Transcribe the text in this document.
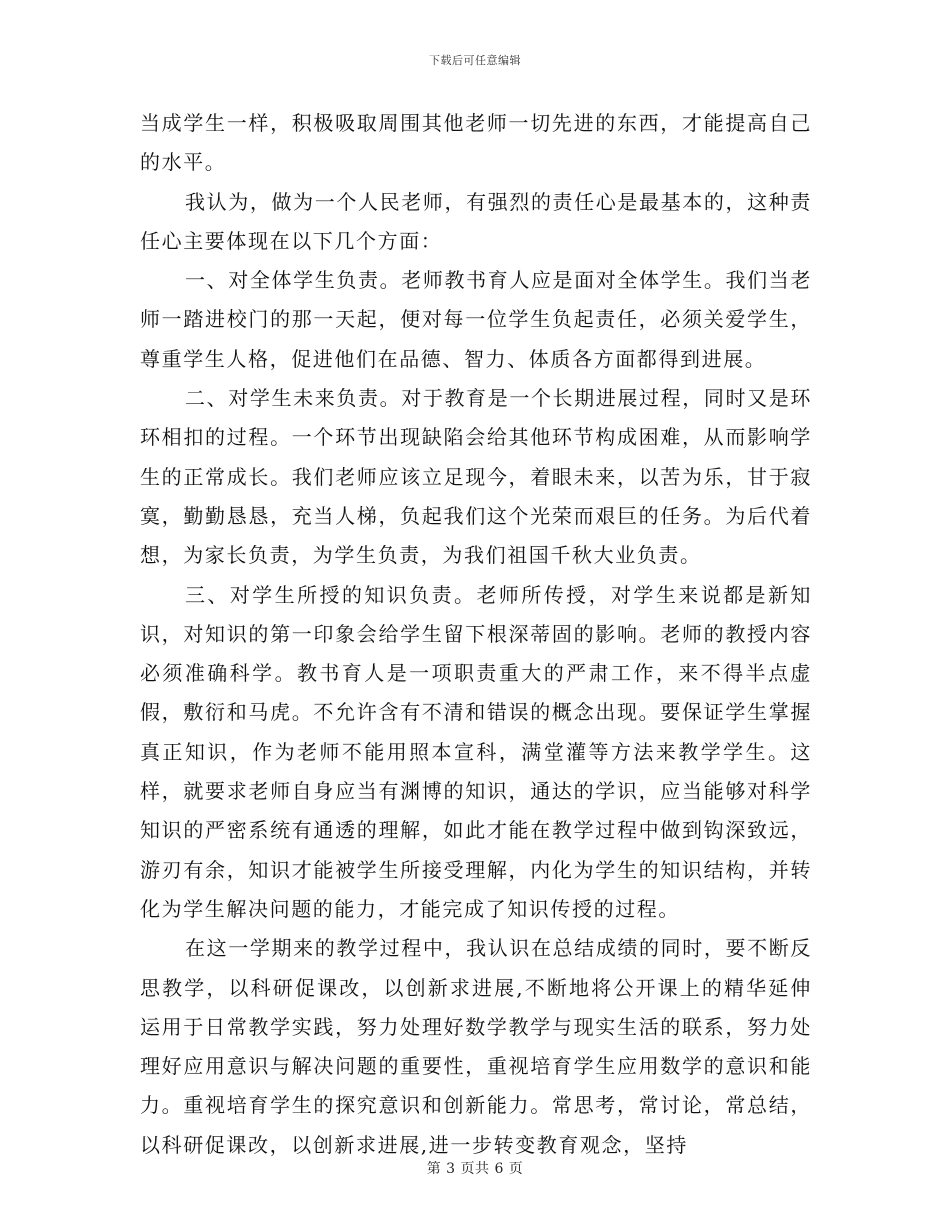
下载后可任意编辑

当成学生一样，积极吸取周围其他老师一切先进的东西，才能提高自己的水平。

我认为，做为一个人民老师，有强烈的责任心是最基本的，这种责任心主要体现在以下几个方面：

一、对全体学生负责。老师教书育人应是面对全体学生。我们当老师一踏进校门的那一天起，便对每一位学生负起责任，必须关爱学生，尊重学生人格，促进他们在品德、智力、体质各方面都得到进展。

二、对学生未来负责。对于教育是一个长期进展过程，同时又是环环相扣的过程。一个环节出现缺陷会给其他环节构成困难，从而影响学生的正常成长。我们老师应该立足现今，着眼未来，以苦为乐，甘于寂寞，勤勤恳恳，充当人梯，负起我们这个光荣而艰巨的任务。为后代着想，为家长负责，为学生负责，为我们祖国千秋大业负责。

三、对学生所授的知识负责。老师所传授，对学生来说都是新知识，对知识的第一印象会给学生留下根深蒂固的影响。老师的教授内容必须准确科学。教书育人是一项职责重大的严肃工作，来不得半点虚假，敷衍和马虎。不允许含有不清和错误的概念出现。要保证学生掌握真正知识，作为老师不能用照本宣科，满堂灌等方法来教学学生。这样，就要求老师自身应当有渊博的知识，通达的学识，应当能够对科学知识的严密系统有通透的理解，如此才能在教学过程中做到钩深致远，游刃有余，知识才能被学生所接受理解，内化为学生的知识结构，并转化为学生解决问题的能力，才能完成了知识传授的过程。

在这一学期来的教学过程中，我认识在总结成绩的同时，要不断反思教学，以科研促课改，以创新求进展,不断地将公开课上的精华延伸运用于日常教学实践，努力处理好数学教学与现实生活的联系，努力处理好应用意识与解决问题的重要性，重视培育学生应用数学的意识和能力。重视培育学生的探究意识和创新能力。常思考，常讨论，常总结，以科研促课改，以创新求进展,进一步转变教育观念，坚持

第 3 页共 6 页
